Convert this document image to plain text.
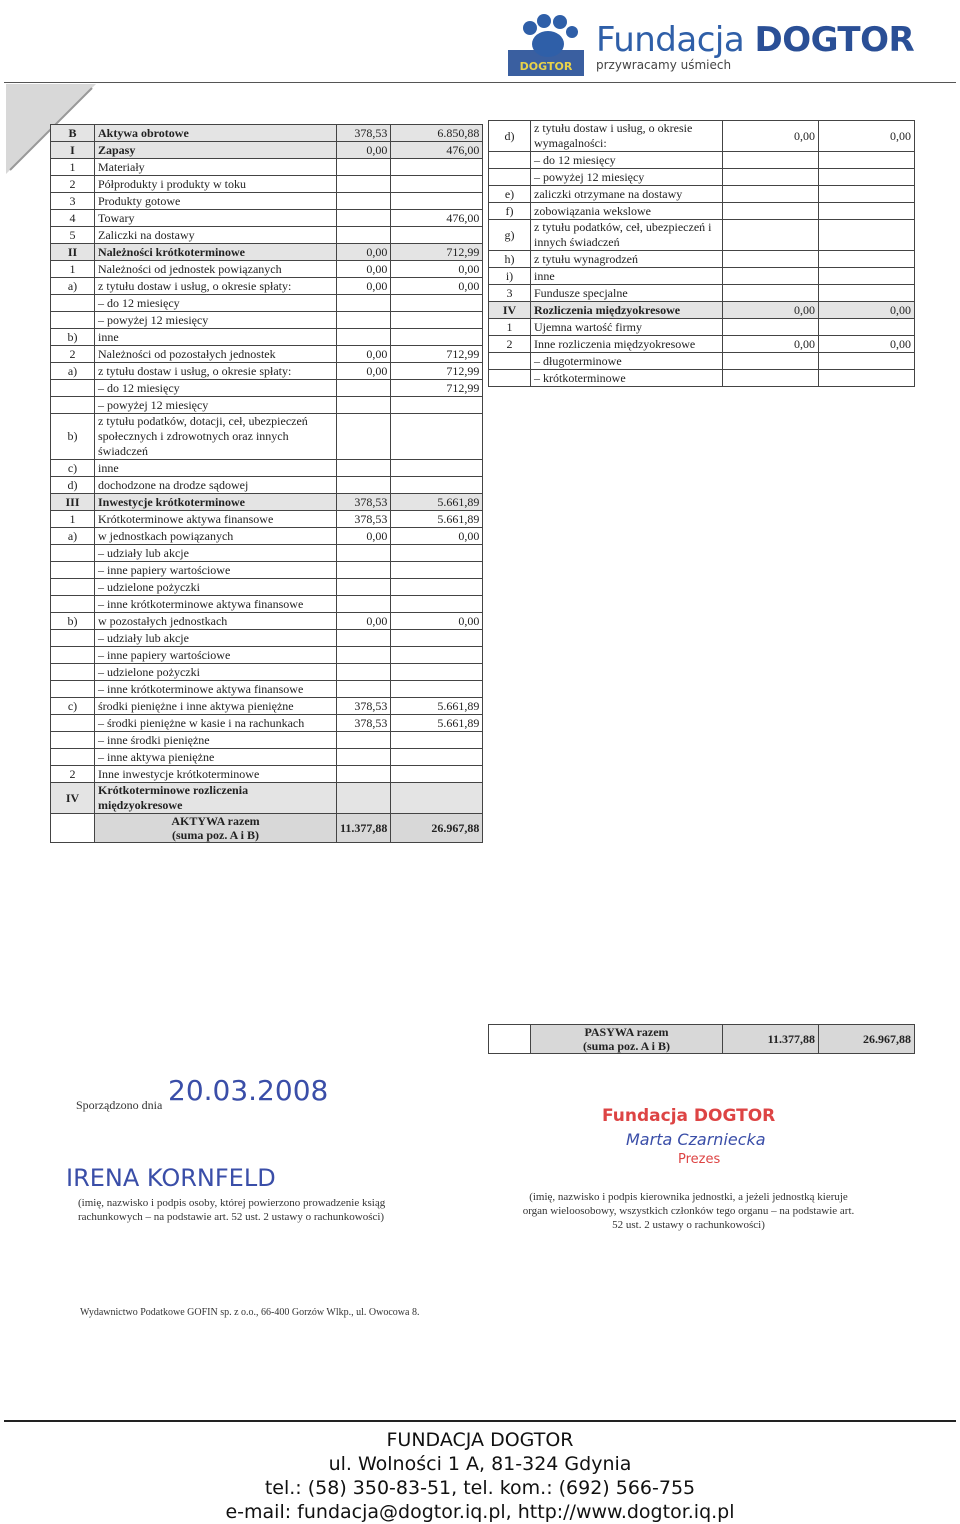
DOGTOR
Fundacja DOGTOR
przywracamy uśmiech
B	Aktywa obrotowe	378,53	6.850,88
I	Zapasy	0,00	476,00
1	Materiały		
2	Półprodukty i produkty w toku		
3	Produkty gotowe		
4	Towary		476,00
5	Zaliczki na dostawy		
II	Należności krótkoterminowe	0,00	712,99
1	Należności od jednostek powiązanych	0,00	0,00
a)	z tytułu dostaw i usług, o okresie spłaty:	0,00	0,00
	– do 12 miesięcy		
	– powyżej 12 miesięcy		
b)	inne		
2	Należności od pozostałych jednostek	0,00	712,99
a)	z tytułu dostaw i usług, o okresie spłaty:	0,00	712,99
	– do 12 miesięcy		712,99
	– powyżej 12 miesięcy		
b)	z tytułu podatków, dotacji, ceł, ubezpieczeń społecznych i zdrowotnych oraz innych świadczeń		
c)	inne		
d)	dochodzone na drodze sądowej		
III	Inwestycje krótkoterminowe	378,53	5.661,89
1	Krótkoterminowe aktywa finansowe	378,53	5.661,89
a)	w jednostkach powiązanych	0,00	0,00
	– udziały lub akcje		
	– inne papiery wartościowe		
	– udzielone pożyczki		
	– inne krótkoterminowe aktywa finansowe		
b)	w pozostałych jednostkach	0,00	0,00
	– udziały lub akcje		
	– inne papiery wartościowe		
	– udzielone pożyczki		
	– inne krótkoterminowe aktywa finansowe		
c)	środki pieniężne i inne aktywa pieniężne	378,53	5.661,89
	– środki pieniężne w kasie i na rachunkach	378,53	5.661,89
	– inne środki pieniężne		
	– inne aktywa pieniężne		
2	Inne inwestycje krótkoterminowe		
IV	Krótkoterminowe rozliczenia międzyokresowe		
	AKTYWA razem
(suma poz. A i B)	11.377,88	26.967,88
d)	z tytułu dostaw i usług, o okresie wymagalności:	0,00	0,00
	– do 12 miesięcy		
	– powyżej 12 miesięcy		
e)	zaliczki otrzymane na dostawy		
f)	zobowiązania wekslowe		
g)	z tytułu podatków, ceł, ubezpieczeń i innych świadczeń		
h)	z tytułu wynagrodzeń		
i)	inne		
3	Fundusze specjalne		
IV	Rozliczenia międzyokresowe	0,00	0,00
1	Ujemna wartość firmy		
2	Inne rozliczenia międzyokresowe	0,00	0,00
	– długoterminowe		
	– krótkoterminowe		
	PASYWA razem
(suma poz. A i B)	11.377,88	26.967,88
Sporządzono dnia 20.03.2008
IRENA KORNFELD
(imię, nazwisko i podpis osoby, której powierzono prowadzenie ksiąg rachunkowych – na podstawie art. 52 ust. 2 ustawy o rachunkowości)
Fundacja DOGTOR
Marta Czarniecka
Prezes
(imię, nazwisko i podpis kierownika jednostki, a jeżeli jednostką kieruje organ wieloosobowy, wszystkich członków tego organu – na podstawie art. 52 ust. 2 ustawy o rachunkowości)
Wydawnictwo Podatkowe GOFIN sp. z o.o., 66-400 Gorzów Wlkp., ul. Owocowa 8.
FUNDACJA DOGTOR
ul. Wolności 1 A, 81-324 Gdynia
tel.: (58) 350-83-51, tel. kom.: (692) 566-755
e-mail: fundacja@dogtor.iq.pl, http://www.dogtor.iq.pl
